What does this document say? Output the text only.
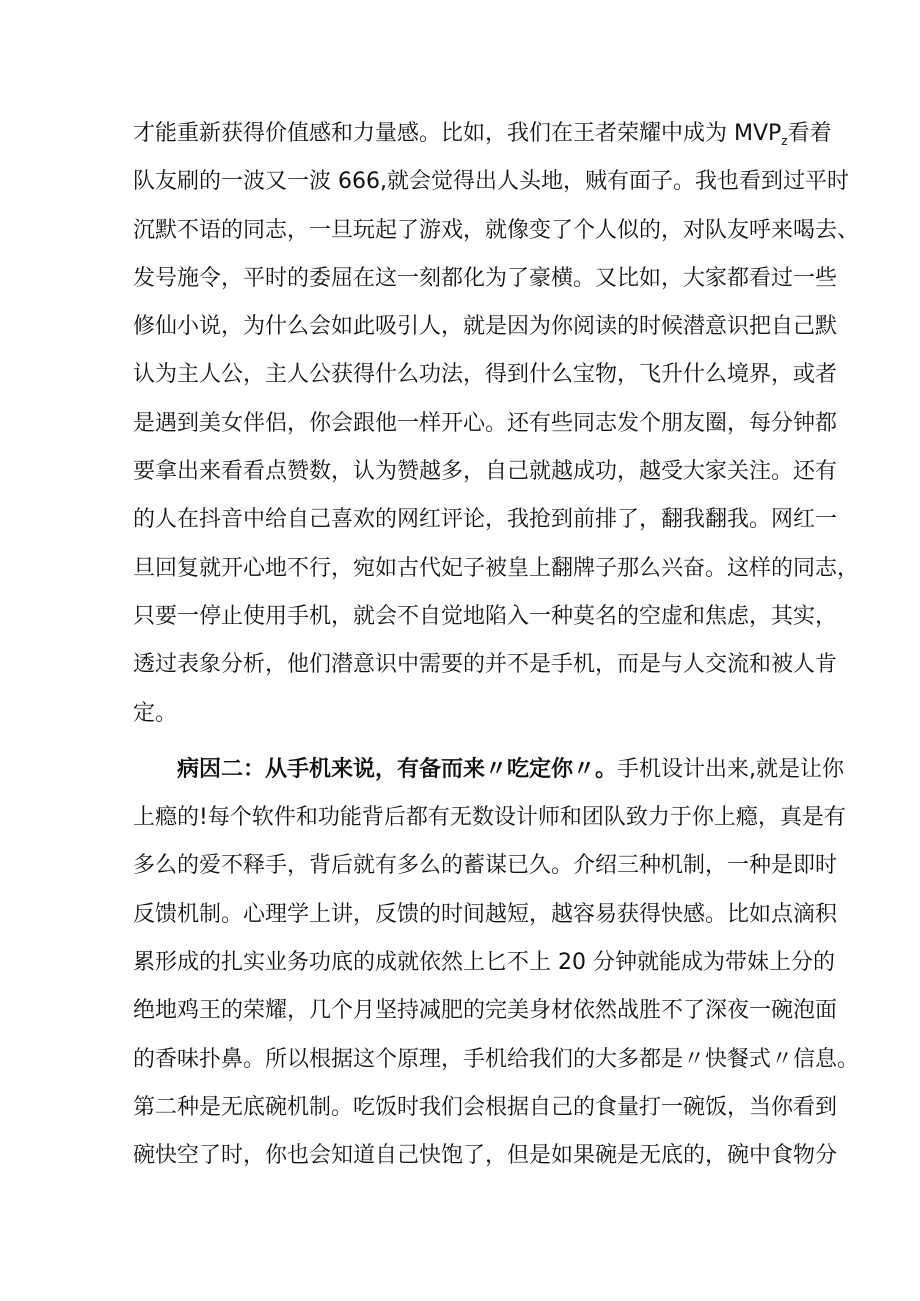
才能重新获得价值感和力量感。比如，我们在王者荣耀中成为 $MVP_z$看着
队友刷的一波又一波 666,就会觉得出人头地，贼有面子。我也看到过平时
沉默不语的同志，一旦玩起了游戏，就像变了个人似的，对队友呼来喝去、
发号施令，平时的委屈在这一刻都化为了豪横。又比如，大家都看过一些
修仙小说，为什么会如此吸引人，就是因为你阅读的时候潜意识把自己默
认为主人公，主人公获得什么功法，得到什么宝物，飞升什么境界，或者
是遇到美女伴侣，你会跟他一样开心。还有些同志发个朋友圈，每分钟都
要拿出来看看点赞数，认为赞越多，自己就越成功，越受大家关注。还有
的人在抖音中给自己喜欢的网红评论，我抢到前排了，翻我翻我。网红一
旦回复就开心地不行，宛如古代妃子被皇上翻牌子那么兴奋。这样的同志，
只要一停止使用手机，就会不自觉地陷入一种莫名的空虚和焦虑，其实，
透过表象分析，他们潜意识中需要的并不是手机，而是与人交流和被人肯
定。
病因二：从手机来说，有备而来〃吃定你〃。手机设计出来,就是让你
上瘾的!每个软件和功能背后都有无数设计师和团队致力于你上瘾，真是有
多么的爱不释手，背后就有多么的蓄谋已久。介绍三种机制，一种是即时
反馈机制。心理学上讲，反馈的时间越短，越容易获得快感。比如点滴积
累形成的扎实业务功底的成就依然上匕不上 20 分钟就能成为带妹上分的
绝地鸡王的荣耀，几个月坚持减肥的完美身材依然战胜不了深夜一碗泡面
的香味扑鼻。所以根据这个原理，手机给我们的大多都是〃快餐式〃信息。
第二种是无底碗机制。吃饭时我们会根据自己的食量打一碗饭，当你看到
碗快空了时，你也会知道自己快饱了，但是如果碗是无底的，碗中食物分
